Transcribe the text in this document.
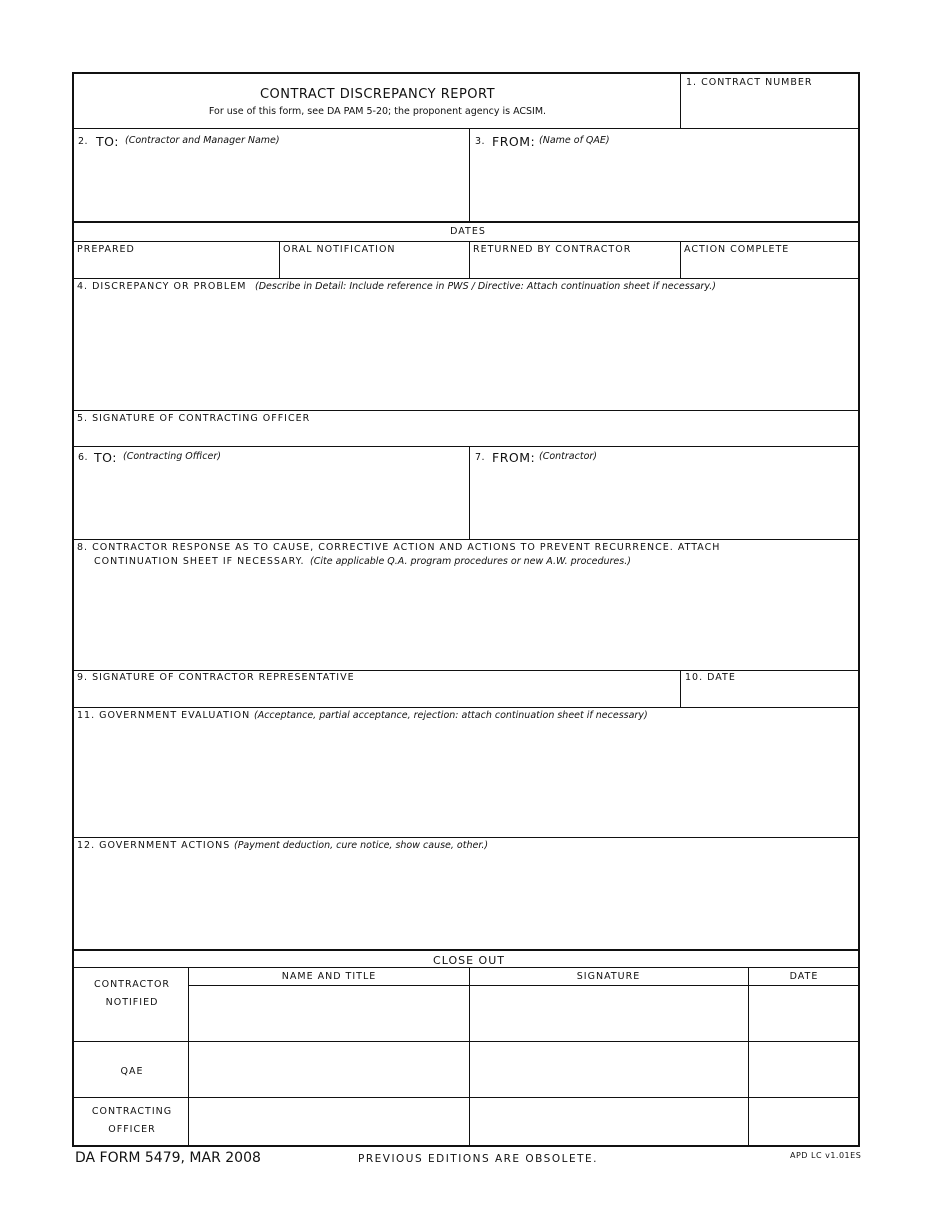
CONTRACT DISCREPANCY REPORT
For use of this form, see DA PAM 5-20; the proponent agency is ACSIM.
1. CONTRACT NUMBER
2. TO: (Contractor and Manager Name)	3. FROM: (Name of QAE)
DATES
PREPARED	ORAL NOTIFICATION	RETURNED BY CONTRACTOR	ACTION COMPLETE
4. DISCREPANCY OR PROBLEM (Describe in Detail: Include reference in PWS / Directive: Attach continuation sheet if necessary.)
5. SIGNATURE OF CONTRACTING OFFICER
6. TO: (Contracting Officer)	7. FROM: (Contractor)
8. CONTRACTOR RESPONSE AS TO CAUSE, CORRECTIVE ACTION AND ACTIONS TO PREVENT RECURRENCE. ATTACH
CONTINUATION SHEET IF NECESSARY. (Cite applicable Q.A. program procedures or new A.W. procedures.)
9. SIGNATURE OF CONTRACTOR REPRESENTATIVE	10. DATE
11. GOVERNMENT EVALUATION (Acceptance, partial acceptance, rejection: attach continuation sheet if necessary)
12. GOVERNMENT ACTIONS (Payment deduction, cure notice, show cause, other.)
CLOSE OUT
NAME AND TITLE	SIGNATURE	DATE
CONTRACTOR
NOTIFIED
QAE
CONTRACTING
OFFICER
DA FORM 5479, MAR 2008	PREVIOUS EDITIONS ARE OBSOLETE.	APD LC v1.01ES
